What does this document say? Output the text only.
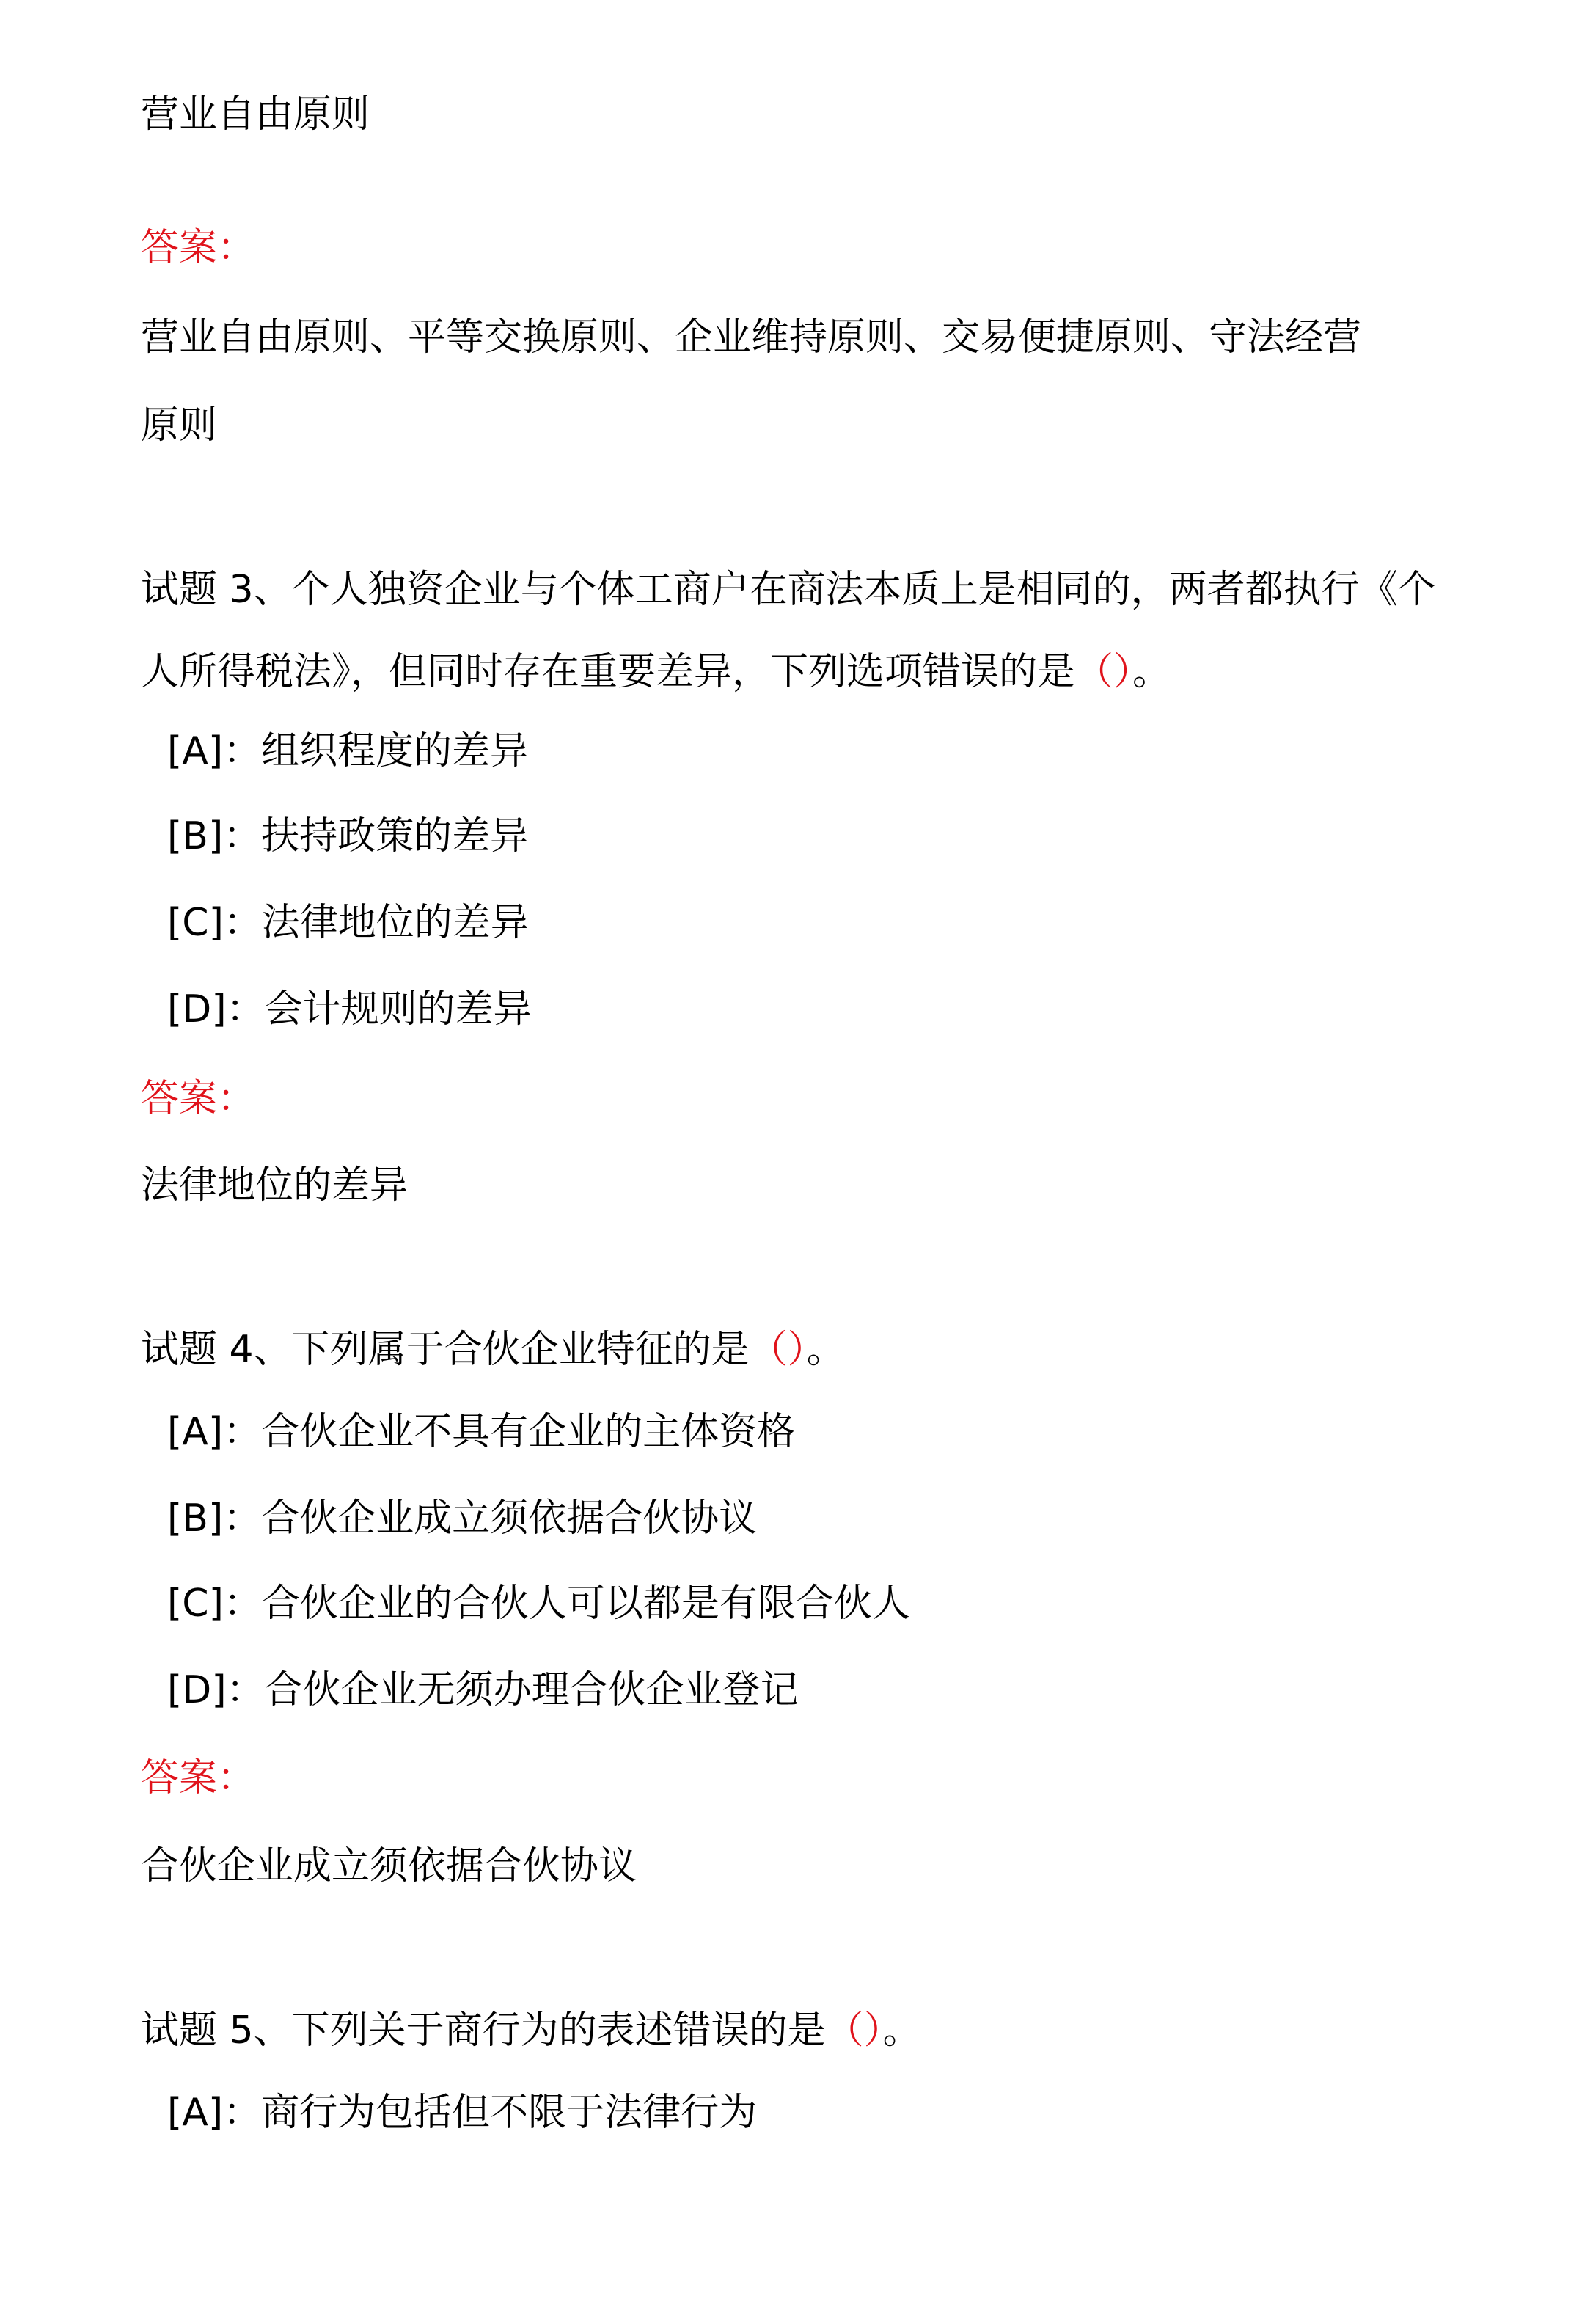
营业自由原则
答案：
营业自由原则、平等交换原则、企业维持原则、交易便捷原则、守法经营
原则
试题 3、个人独资企业与个体工商户在商法本质上是相同的，两者都执行《个
人所得税法》，但同时存在重要差异，下列选项错误的是（）。
[A]：组织程度的差异
[B]：扶持政策的差异
[C]：法律地位的差异
[D]：会计规则的差异
答案：
法律地位的差异
试题 4、下列属于合伙企业特征的是（）。
[A]：合伙企业不具有企业的主体资格
[B]：合伙企业成立须依据合伙协议
[C]：合伙企业的合伙人可以都是有限合伙人
[D]：合伙企业无须办理合伙企业登记
答案：
合伙企业成立须依据合伙协议
试题 5、下列关于商行为的表述错误的是（）。
[A]：商行为包括但不限于法律行为
